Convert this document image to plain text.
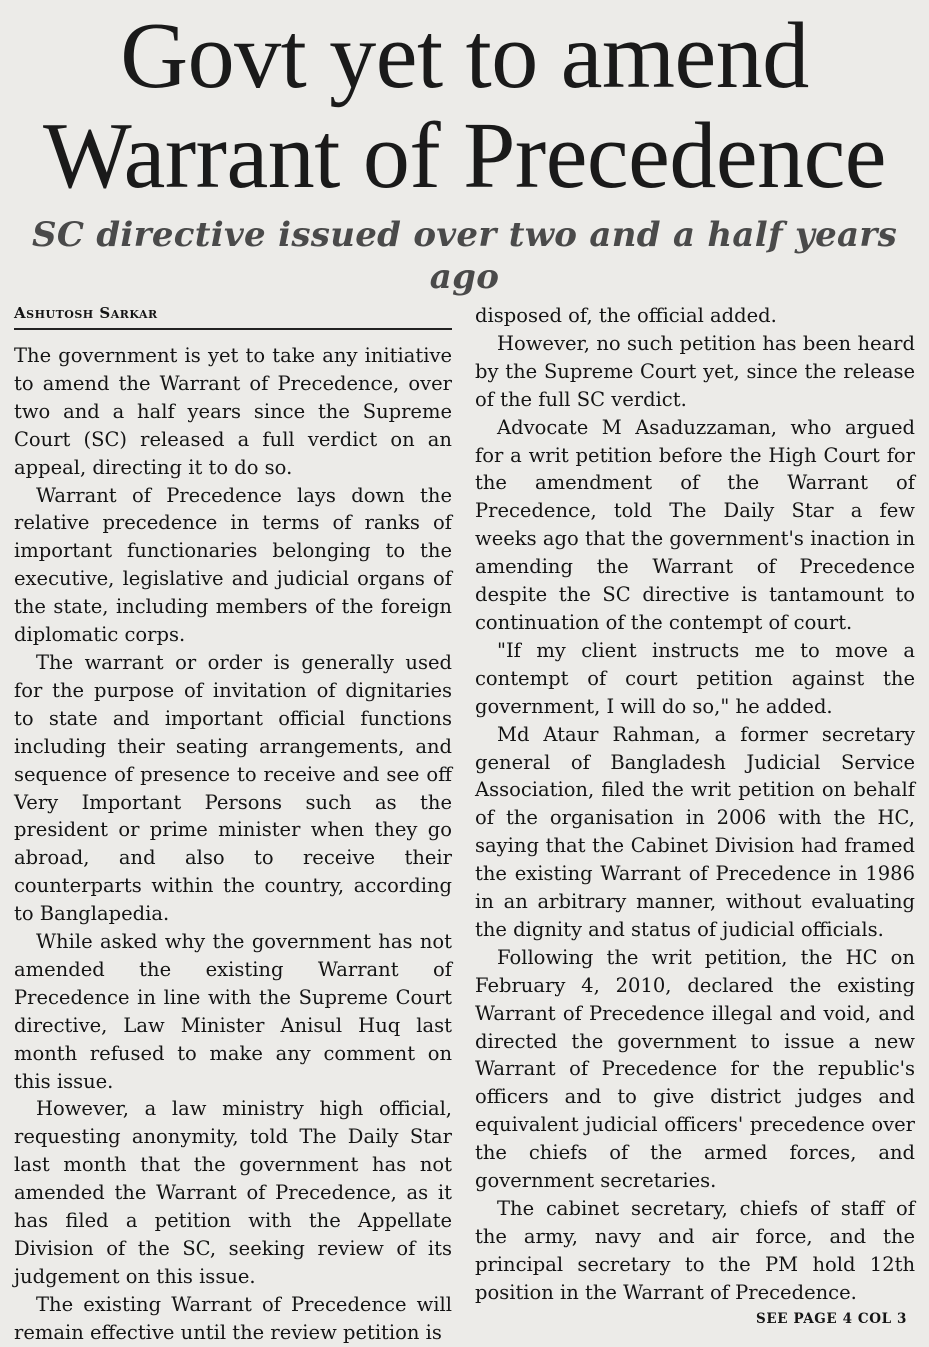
Govt yet to amend
Warrant of Precedence
SC directive issued over two and a half years ago
Ashutosh Sarkar

The government is yet to take any initiative to amend the Warrant of Precedence, over two and a half years since the Supreme Court (SC) released a full verdict on an appeal, directing it to do so.

Warrant of Precedence lays down the relative precedence in terms of ranks of important functionaries belonging to the executive, legislative and judicial organs of the state, including members of the foreign diplomatic corps.

The warrant or order is generally used for the purpose of invitation of dignitaries to state and important official functions including their seating arrangements, and sequence of presence to receive and see off Very Important Persons such as the president or prime minister when they go abroad, and also to receive their counterparts within the country, according to Banglapedia.

While asked why the government has not amended the existing Warrant of Precedence in line with the Supreme Court directive, Law Minister Anisul Huq last month refused to make any comment on this issue.

However, a law ministry high official, requesting anonymity, told The Daily Star last month that the government has not amended the Warrant of Precedence, as it has filed a petition with the Appellate Division of the SC, seeking review of its judgement on this issue.

The existing Warrant of Precedence will remain effective until the review petition is

disposed of, the official added.

However, no such petition has been heard by the Supreme Court yet, since the release of the full SC verdict.

Advocate M Asaduzzaman, who argued for a writ petition before the High Court for the amendment of the Warrant of Precedence, told The Daily Star a few weeks ago that the government's inaction in amending the Warrant of Precedence despite the SC directive is tantamount to continuation of the contempt of court.

"If my client instructs me to move a contempt of court petition against the government, I will do so," he added.

Md Ataur Rahman, a former secretary general of Bangladesh Judicial Service Association, filed the writ petition on behalf of the organisation in 2006 with the HC, saying that the Cabinet Division had framed the existing Warrant of Precedence in 1986 in an arbitrary manner, without evaluating the dignity and status of judicial officials.

Following the writ petition, the HC on February 4, 2010, declared the existing Warrant of Precedence illegal and void, and directed the government to issue a new Warrant of Precedence for the republic's officers and to give district judges and equivalent judicial officers' precedence over the chiefs of the armed forces, and government secretaries.

The cabinet secretary, chiefs of staff of the army, navy and air force, and the principal secretary to the PM hold 12th position in the Warrant of Precedence.

SEE PAGE 4 COL 3
